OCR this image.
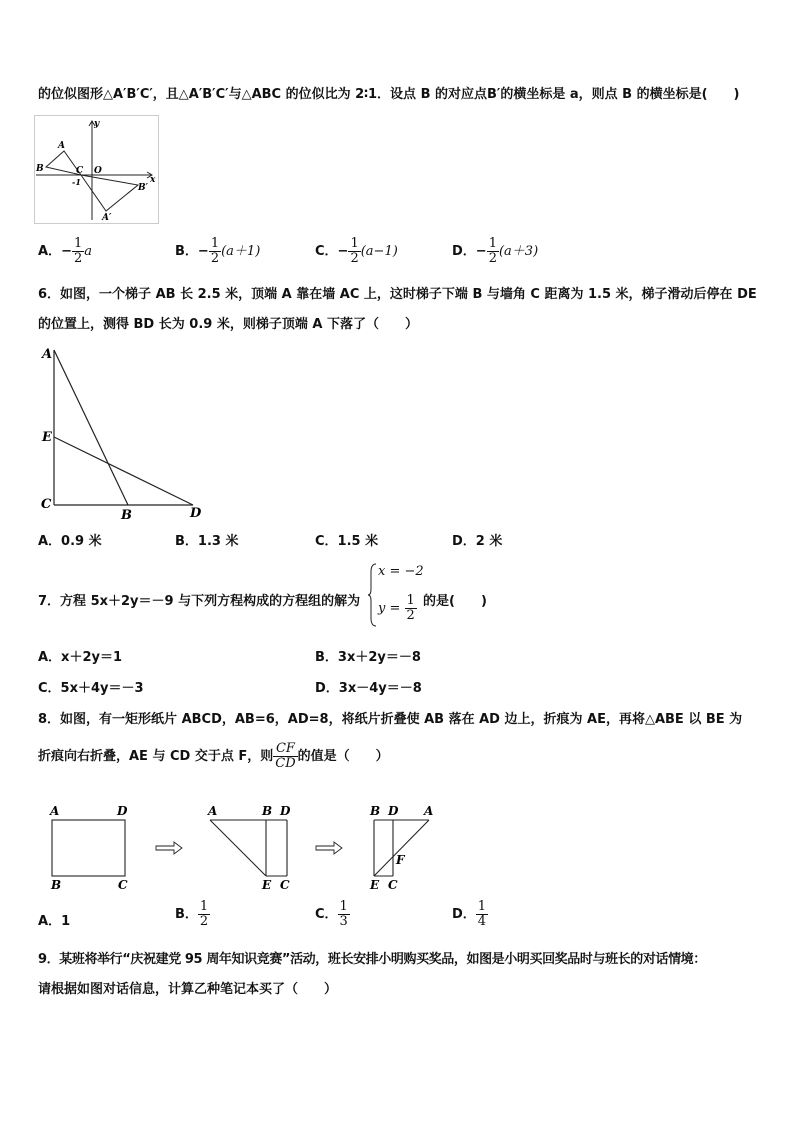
的位似图形△A′B′C′，且△A′B′C′与△ABC 的位似比为 2∶1．设点 B 的对应点B′的横坐标是 a，则点 B 的横坐标是(　　)
y
x
A
B	C O
-1
B′
A′
A．− $\frac{1}{2}$ a	B．− $\frac{1}{2} (a+1)$	C．− $\frac{1}{2} (a-1)$	D．− $\frac{1}{2} (a+3)$
6．如图，一个梯子 AB 长 2.5 米，顶端 A 靠在墙 AC 上，这时梯子下端 B 与墙角 C 距离为 1.5 米，梯子滑动后停在 DE
的位置上，测得 BD 长为 0.9 米，则梯子顶端 A 下落了（　　）
A
E
C
B	D
A．0.9 米	B．1.3 米	C．1.5 米	D．2 米
7．方程 5x＋2y＝－9 与下列方程构成的方程组的解为
x = −2
$y = \frac{1}{2}$ 的是(　　)
A．x＋2y＝1	B．3x＋2y＝－8
C．5x＋4y＝－3	D．3x－4y＝－8
8．如图，有一矩形纸片 ABCD，AB=6，AD=8，将纸片折叠使 AB 落在 AD 边上，折痕为 AE，再将△ABE 以 BE 为
折痕向右折叠，AE 与 CD 交于点 F，则 $\frac{CF}{CD}$ 的值是（　　）
A	D
B	C
A	B D
E C
B D A
F
E C
A．1	B． $\frac{1}{2}$	C． $\frac{1}{3}$	D． $\frac{1}{4}$
9．某班将举行“庆祝建党 95 周年知识竞赛”活动，班长安排小明购买奖品，如图是小明买回奖品时与班长的对话情境：
请根据如图对话信息，计算乙种笔记本买了（　　）
